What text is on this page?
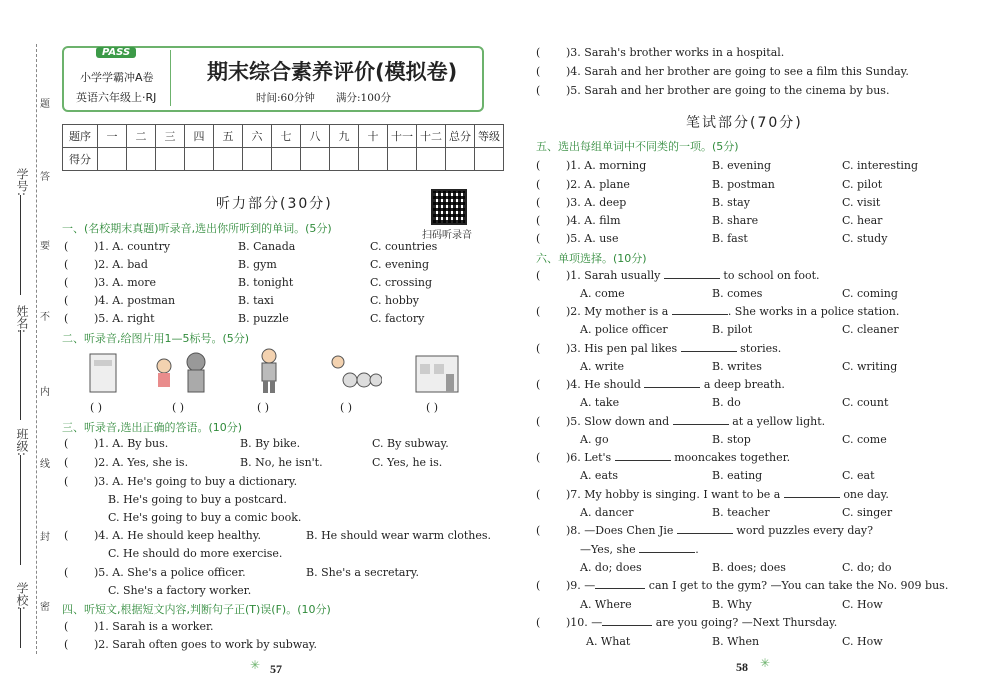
学号:
姓名:
班级:
学校:
题
答
要
不
内
线
封
密
PASS
小学学霸冲A卷
英语六年级上·RJ
期末综合素养评价(模拟卷)
时间:60分钟 满分:100分
题序	一	二	三	四	五	六	七	八	九	十	十一	十二	总分	等级
得分														
听力部分(30分)
扫码听录音
一、(名校期末真题)听录音,选出你所听到的单词。(5分)
( )1. A. country	B. Canada	C. countries
( )2. A. bad	B. gym	C. evening
( )3. A. more	B. tonight	C. crossing
( )4. A. postman	B. taxi	C. hobby
( )5. A. right	B. puzzle	C. factory
二、听录音,给图片用1—5标号。(5分)
( )	( )	( )	( )	( )
三、听录音,选出正确的答语。(10分)
( )1. A. By bus.	B. By bike.	C. By subway.
( )2. A. Yes, she is.	B. No, he isn't.	C. Yes, he is.
( )3. A. He's going to buy a dictionary.
B. He's going to buy a postcard.
C. He's going to buy a comic book.
( )4. A. He should keep healthy.	B. He should wear warm clothes.
C. He should do more exercise.
( )5. A. She's a police officer.	B. She's a secretary.
C. She's a factory worker.
四、听短文,根据短文内容,判断句子正(T)误(F)。(10分)
( )1. Sarah is a worker.
( )2. Sarah often goes to work by subway.
57
✳
( )3. Sarah's brother works in a hospital.
( )4. Sarah and her brother are going to see a film this Sunday.
( )5. Sarah and her brother are going to the cinema by bus.
笔试部分(70分)
五、选出每组单词中不同类的一项。(5分)
( )1. A. morning	B. evening	C. interesting
( )2. A. plane	B. postman	C. pilot
( )3. A. deep	B. stay	C. visit
( )4. A. film	B. share	C. hear
( )5. A. use	B. fast	C. study
六、单项选择。(10分)
( )1. Sarah usually	to school on foot.
A. come	B. comes	C. coming
( )2. My mother is a	. She works in a police station.
A. police officer	B. pilot	C. cleaner
( )3. His pen pal likes	stories.
A. write	B. writes	C. writing
( )4. He should	a deep breath.
A. take	B. do	C. count
( )5. Slow down and	at a yellow light.
A. go	B. stop	C. come
( )6. Let's	mooncakes together.
A. eats	B. eating	C. eat
( )7. My hobby is singing. I want to be a	one day.
A. dancer	B. teacher	C. singer
( )8. —Does Chen Jie	word puzzles every day?
—Yes, she	.
A. do; does	B. does; does	C. do; do
( )9. —	can I get to the gym? —You can take the No. 909 bus.
A. Where	B. Why	C. How
( )10. —	are you going? —Next Thursday.
A. What	B. When	C. How
58 ✳
